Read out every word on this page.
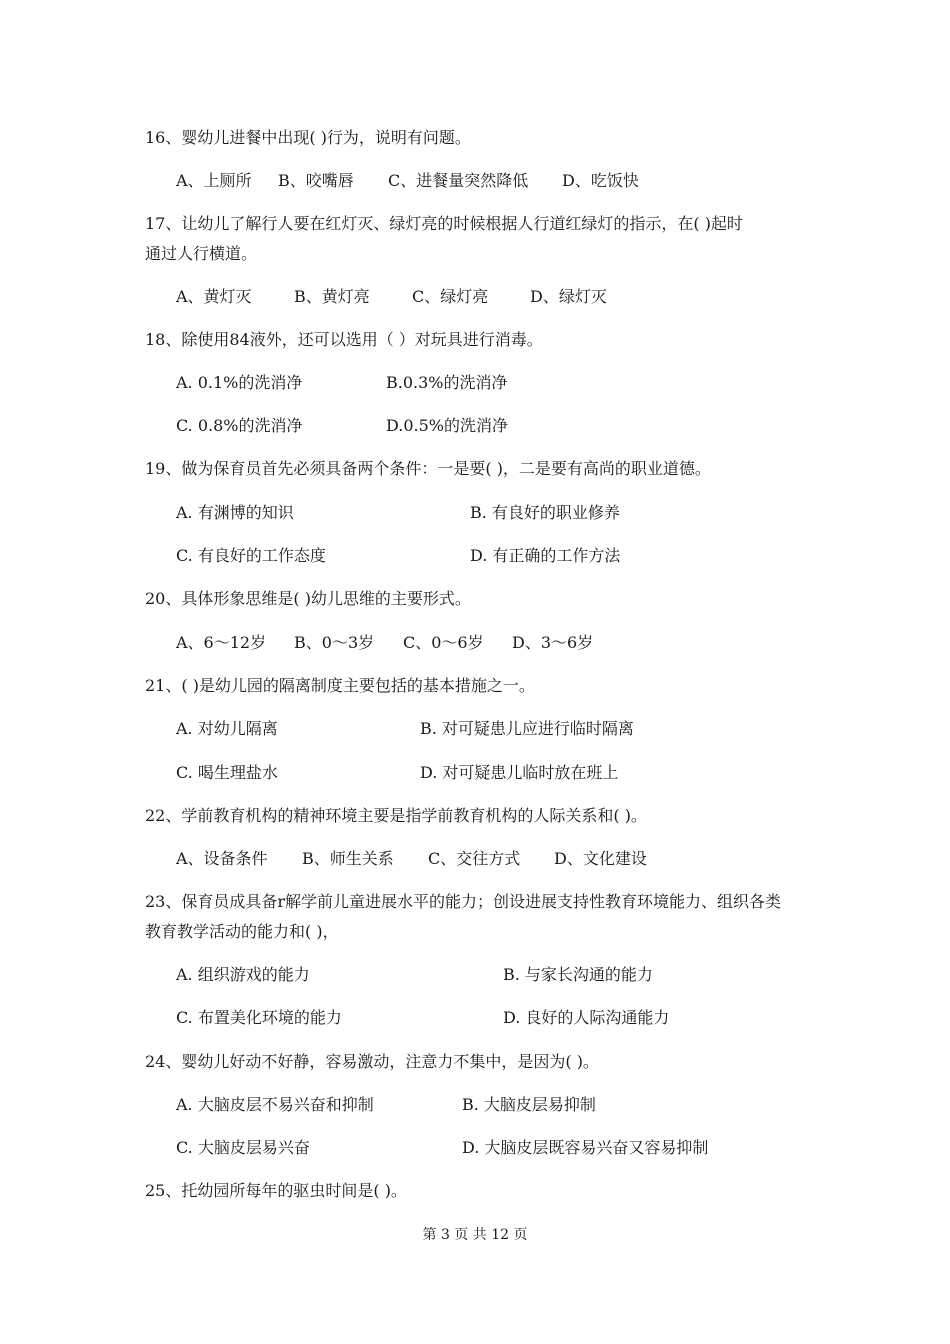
16、婴幼儿进餐中出现( )行为，说明有问题。
A、上厕所 B、咬嘴唇 C、进餐量突然降低 D、吃饭快
17、让幼儿了解行人要在红灯灭、绿灯亮的时候根据人行道红绿灯的指示，在( )起时
通过人行横道。
A、黄灯灭	B、黄灯亮	C、绿灯亮	D、绿灯灭
18、除使用84液外，还可以选用（ ）对玩具进行消毒。
A. 0.1%的洗消净	B.0.3%的洗消净
C. 0.8%的洗消净	D.0.5%的洗消净
19、做为保育员首先必须具备两个条件：一是要( )，二是要有高尚的职业道德。
A. 有渊博的知识	B. 有良好的职业修养
C. 有良好的工作态度	D. 有正确的工作方法
20、具体形象思维是( )幼儿思维的主要形式。
A、6～12岁 B、0～3岁 C、0～6岁 D、3～6岁
21、( )是幼儿园的隔离制度主要包括的基本措施之一。
A. 对幼儿隔离	B. 对可疑患儿应进行临时隔离
C. 喝生理盐水	D. 对可疑患儿临时放在班上
22、学前教育机构的精神环境主要是指学前教育机构的人际关系和( )。
A、设备条件 B、师生关系 C、交往方式 D、文化建设
23、保育员成具备r解学前儿童进展水平的能力；创设进展支持性教育环境能力、组织各类
教育教学活动的能力和( )，
A. 组织游戏的能力	B. 与家长沟通的能力
C. 布置美化环境的能力	D. 良好的人际沟通能力
24、婴幼儿好动不好静，容易激动，注意力不集中，是因为( )。
A. 大脑皮层不易兴奋和抑制	B. 大脑皮层易抑制
C. 大脑皮层易兴奋	D. 大脑皮层既容易兴奋又容易抑制
25、托幼园所每年的驱虫时间是( )。
第 3 页 共 12 页
